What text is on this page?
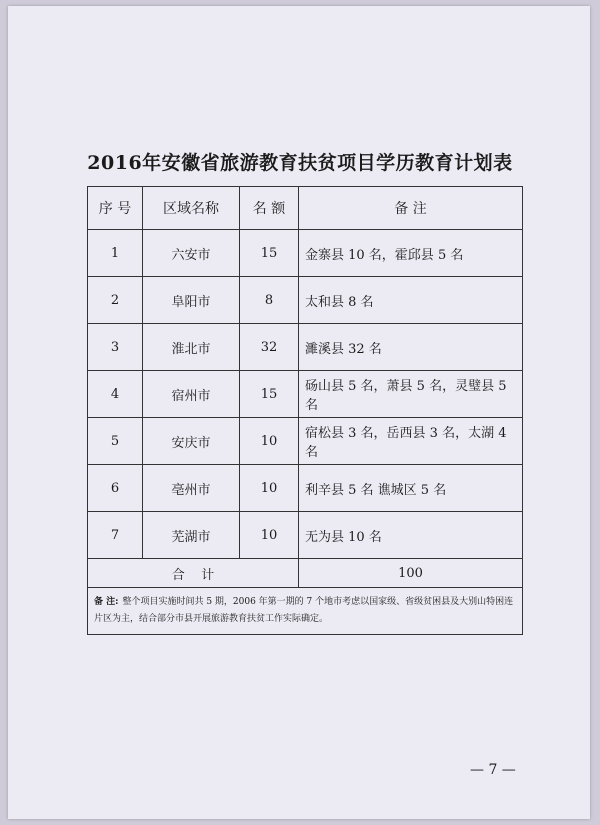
2016年安徽省旅游教育扶贫项目学历教育计划表
序 号	区域名称	名 额	备 注
1	六安市	15	金寨县 10 名，霍邱县 5 名
2	阜阳市	8	太和县 8 名
3	淮北市	32	濉溪县 32 名
4	宿州市	15	砀山县 5 名，萧县 5 名，灵璧县 5 名
5	安庆市	10	宿松县 3 名，岳西县 3 名，太湖 4 名
6	亳州市	10	利辛县 5 名 谯城区 5 名
7	芜湖市	10	无为县 10 名
合    计			100
备 注: 整个项目实施时间共 5 期，2006 年第一期的 7 个地市考虑以国家级、省级贫困县及大别山特困连片区为主，结合部分市县开展旅游教育扶贫工作实际确定。			
— 7 —
